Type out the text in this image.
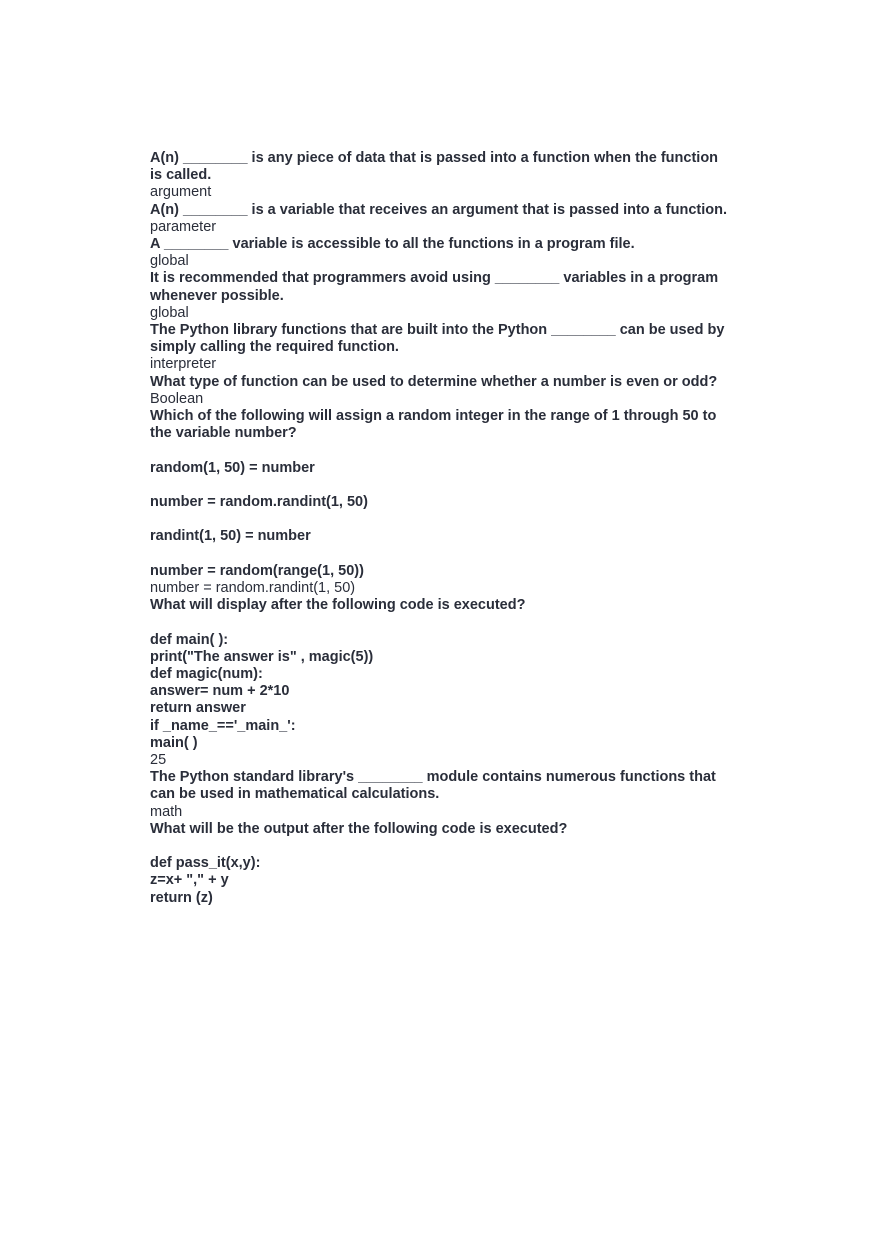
A(n) ________ is any piece of data that is passed into a function when the function is called.

argument

A(n) ________ is a variable that receives an argument that is passed into a function.

parameter

A ________ variable is accessible to all the functions in a program file.

global

It is recommended that programmers avoid using ________ variables in a program whenever possible.

global

The Python library functions that are built into the Python ________ can be used by simply calling the required function.

interpreter

What type of function can be used to determine whether a number is even or odd?

Boolean

Which of the following will assign a random integer in the range of 1 through 50 to the variable number?

random(1, 50) = number

number = random.randint(1, 50)

randint(1, 50) = number

number = random(range(1, 50))

number = random.randint(1, 50)

What will display after the following code is executed?

def main( ):

print("The answer is" , magic(5))

def magic(num):

answer= num + 2*10

return answer

if _name_=='_main_':

main( )

25

The Python standard library's ________ module contains numerous functions that can be used in mathematical calculations.

math

What will be the output after the following code is executed?

def pass_it(x,y):

z=x+ "," + y

return (z)
